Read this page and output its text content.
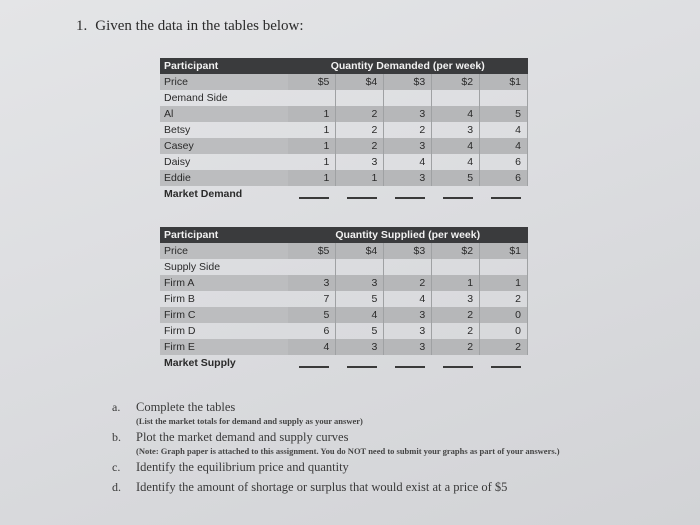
1. Given the data in the tables below:
Participant	Quantity Demanded (per week)				
Price	$5	$4	$3	$2	$1
Demand Side					
Al	1	2	3	4	5
Betsy	1	2	2	3	4
Casey	1	2	3	4	4
Daisy	1	3	4	4	6
Eddie	1	1	3	5	6
Market Demand					
Participant	Quantity Supplied (per week)				
Price	$5	$4	$3	$2	$1
Supply Side					
Firm A	3	3	2	1	1
Firm B	7	5	4	3	2
Firm C	5	4	3	2	0
Firm D	6	5	3	2	0
Firm E	4	3	3	2	2
Market Supply					
a. Complete the tables
(List the market totals for demand and supply as your answer)
b. Plot the market demand and supply curves
(Note: Graph paper is attached to this assignment. You do NOT need to submit your graphs as part of your answers.)
c. Identify the equilibrium price and quantity
d. Identify the amount of shortage or surplus that would exist at a price of $5
